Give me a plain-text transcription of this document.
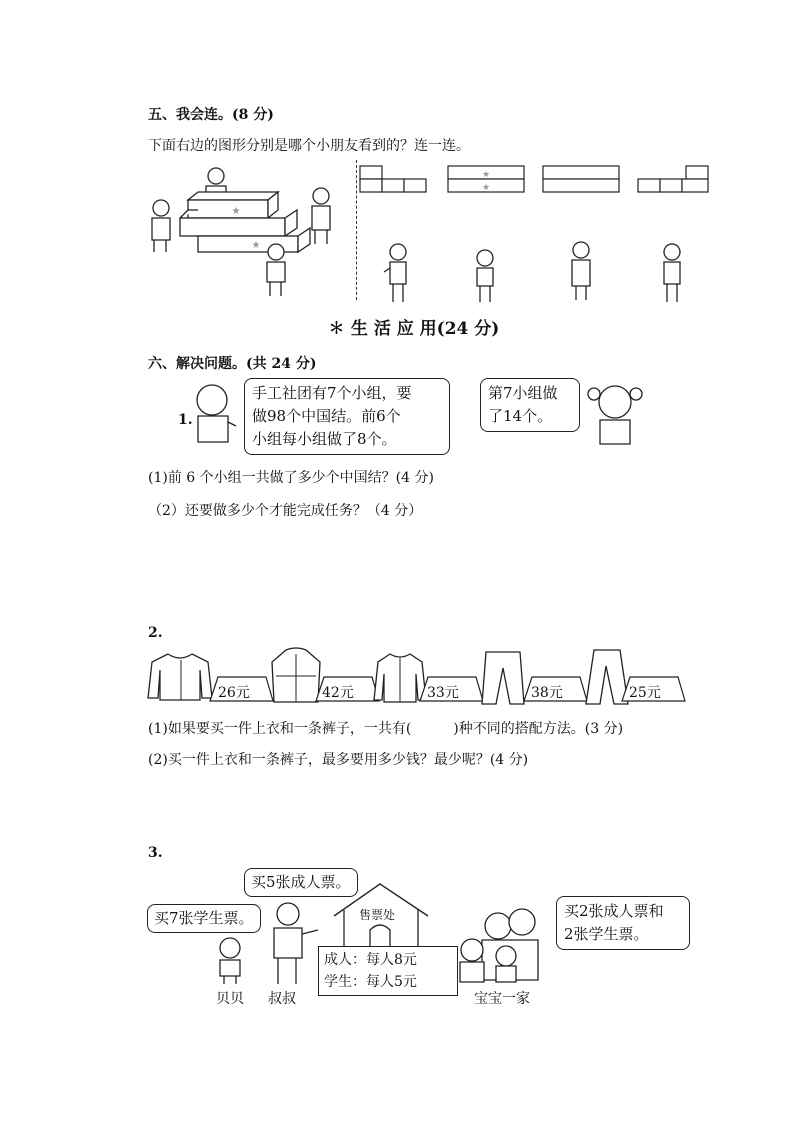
五、我会连。(8 分)
下面右边的图形分别是哪个小朋友看到的？连一连。
★
★
★
★
✽ 生 活 应 用(24 分)
六、解决问题。(共 24 分)
1.
手工社团有7个小组，要
做98个中国结。前6个
小组每小组做了8个。
第7小组做
了14个。
(1)前 6 个小组一共做了多少个中国结？(4 分)
（2）还要做多少个才能完成任务？（4 分）
2.
26元	42元	33元	38元	25元
(1)如果要买一件上衣和一条裤子，一共有(　　　)种不同的搭配方法。(3 分)
(2)买一件上衣和一条裤子，最多要用多少钱？最少呢？(4 分)
3.
买5张成人票。
买7张学生票。
贝贝 叔叔
售票处
成人：每人8元
学生：每人5元
买2张成人票和
2张学生票。
宝宝一家
